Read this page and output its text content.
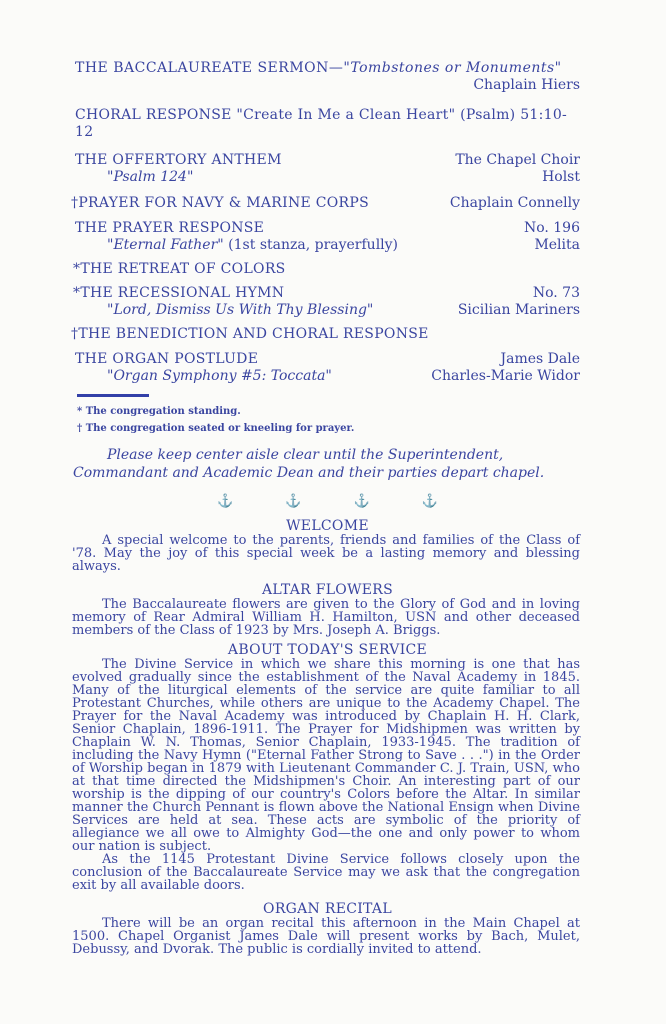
THE BACCALAUREATE SERMON—"Tombstones or Monuments"
Chaplain Hiers
CHORAL RESPONSE "Create In Me a Clean Heart" (Psalm) 51:10-12
THE OFFERTORY ANTHEM	The Chapel Choir
"Psalm 124"	Holst
†PRAYER FOR NAVY & MARINE CORPS	Chaplain Connelly
THE PRAYER RESPONSE	No. 196
"Eternal Father" (1st stanza, prayerfully)	Melita
*THE RETREAT OF COLORS
*THE RECESSIONAL HYMN	No. 73
"Lord, Dismiss Us With Thy Blessing"	Sicilian Mariners
†THE BENEDICTION AND CHORAL RESPONSE
THE ORGAN POSTLUDE	James Dale
"Organ Symphony #5: Toccata"	Charles-Marie Widor
* The congregation standing.
† The congregation seated or kneeling for prayer.

Please keep center aisle clear until the Superintendent, Commandant and Academic Dean and their parties depart chapel.

⚓	⚓	⚓	⚓
WELCOME

A special welcome to the parents, friends and families of the Class of '78. May the joy of this special week be a lasting memory and blessing always.

ALTAR FLOWERS

The Baccalaureate flowers are given to the Glory of God and in loving memory of Rear Admiral William H. Hamilton, USN and other deceased members of the Class of 1923 by Mrs. Joseph A. Briggs.

ABOUT TODAY'S SERVICE

The Divine Service in which we share this morning is one that has evolved gradually since the establishment of the Naval Academy in 1845. Many of the liturgical elements of the service are quite familiar to all Protestant Churches, while others are unique to the Academy Chapel. The Prayer for the Naval Academy was introduced by Chaplain H. H. Clark, Senior Chaplain, 1896-1911. The Prayer for Midshipmen was written by Chaplain W. N. Thomas, Senior Chaplain, 1933-1945. The tradition of including the Navy Hymn ("Eternal Father Strong to Save . . .") in the Order of Worship began in 1879 with Lieutenant Commander C. J. Train, USN, who at that time directed the Midshipmen's Choir. An interesting part of our worship is the dipping of our country's Colors before the Altar. In similar manner the Church Pennant is flown above the National Ensign when Divine Services are held at sea. These acts are symbolic of the priority of allegiance we all owe to Almighty God—the one and only power to whom our nation is subject.

As the 1145 Protestant Divine Service follows closely upon the conclusion of the Baccalaureate Service may we ask that the congregation exit by all available doors.

ORGAN RECITAL

There will be an organ recital this afternoon in the Main Chapel at 1500. Chapel Organist James Dale will present works by Bach, Mulet, Debussy, and Dvorak. The public is cordially invited to attend.
